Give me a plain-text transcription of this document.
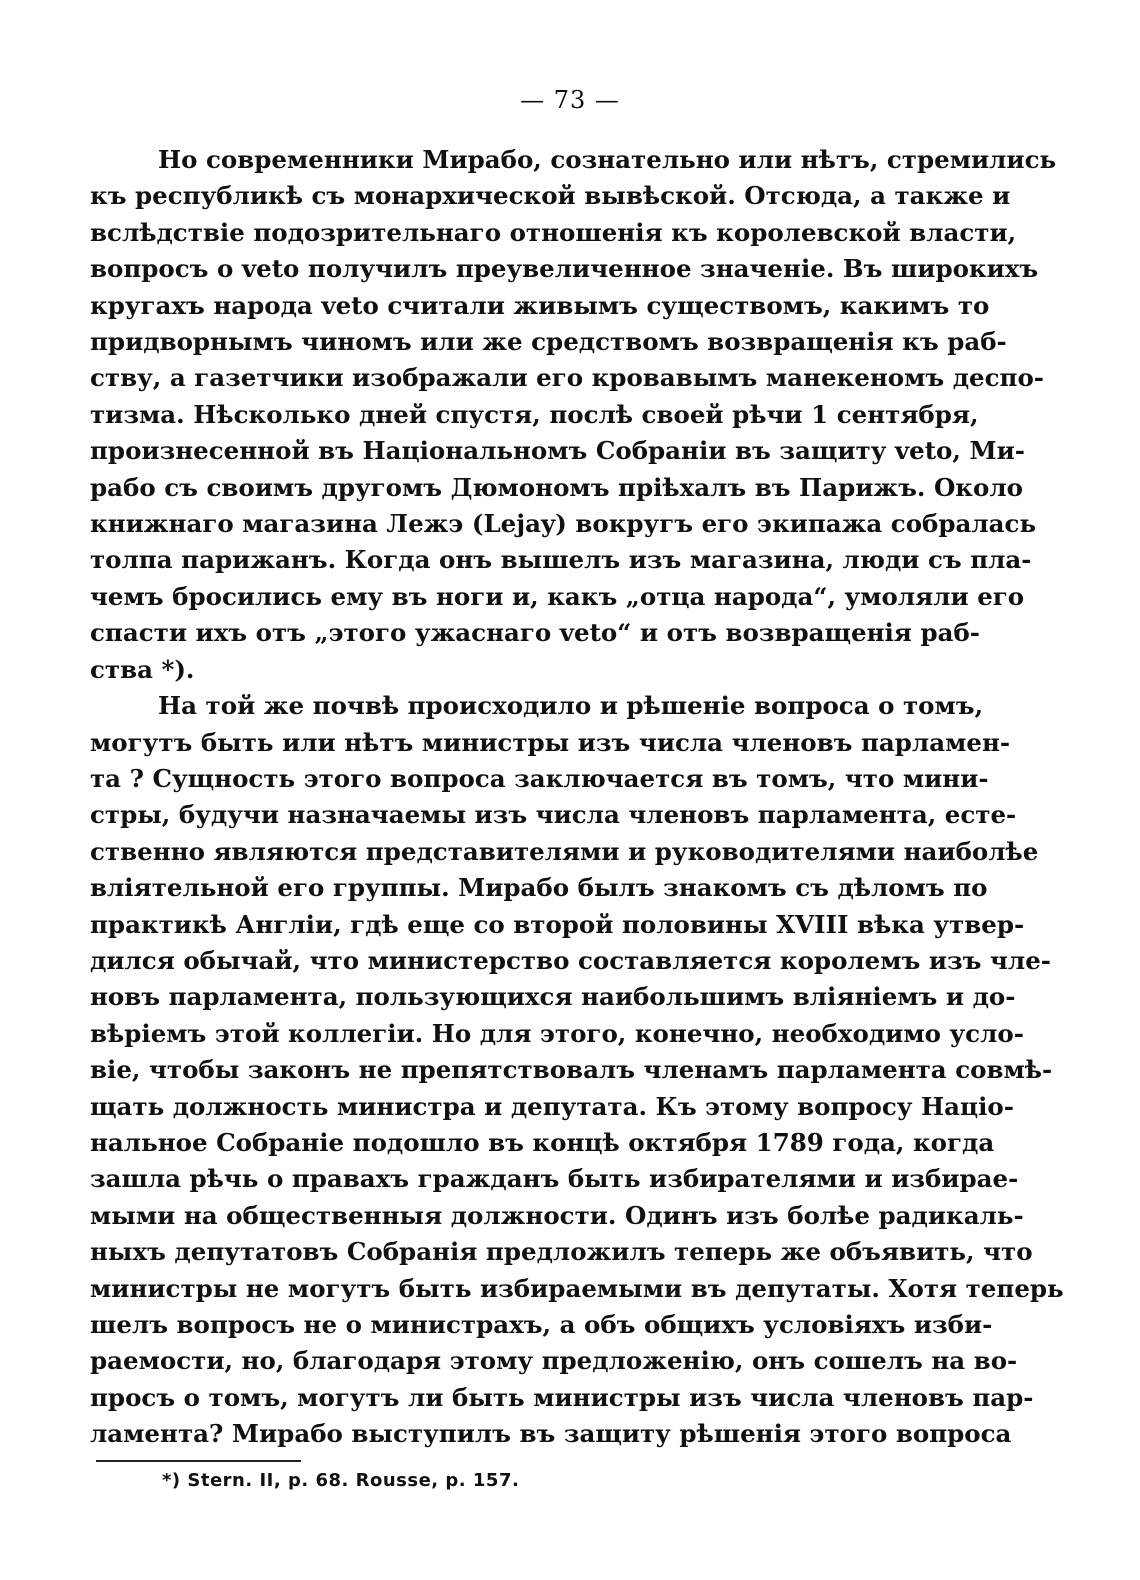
— 73 —
Но современники Мирабо, сознательно или нѣтъ, стремились
къ республикѣ съ монархической вывѣской. Отсюда, а также и
вслѣдствіе подозрительнаго отношенія къ королевской власти,
вопросъ о veto получилъ преувеличенное значеніе. Въ широкихъ
кругахъ народа veto считали живымъ существомъ, какимъ то
придворнымъ чиномъ или же средствомъ возвращенія къ раб-
ству, а газетчики изображали его кровавымъ манекеномъ деспо-
тизма. Нѣсколько дней спустя, послѣ своей рѣчи 1 сентября,
произнесенной въ Національномъ Собраніи въ защиту veto, Ми-
рабо съ своимъ другомъ Дюмономъ пріѣхалъ въ Парижъ. Около
книжнаго магазина Лежэ (Lejay) вокругъ его экипажа собралась
толпа парижанъ. Когда онъ вышелъ изъ магазина, люди съ пла-
чемъ бросились ему въ ноги и, какъ „отца народа“, умоляли его
спасти ихъ отъ „этого ужаснаго veto“ и отъ возвращенія раб-
ства *).
На той же почвѣ происходило и рѣшеніе вопроса о томъ,
могутъ быть или нѣтъ министры изъ числа членовъ парламен-
та ? Сущность этого вопроса заключается въ томъ, что мини-
стры, будучи назначаемы изъ числа членовъ парламента, есте-
ственно являются представителями и руководителями наиболѣе
вліятельной его группы. Мирабо былъ знакомъ съ дѣломъ по
практикѣ Англіи, гдѣ еще со второй половины XVIII вѣка утвер-
дился обычай, что министерство составляется королемъ изъ чле-
новъ парламента, пользующихся наибольшимъ вліяніемъ и до-
вѣріемъ этой коллегіи. Но для этого, конечно, необходимо усло-
віе, чтобы законъ не препятствовалъ членамъ парламента совмѣ-
щать должность министра и депутата. Къ этому вопросу Націо-
нальное Собраніе подошло въ концѣ октября 1789 года, когда
зашла рѣчь о правахъ гражданъ быть избирателями и избирае-
мыми на общественныя должности. Одинъ изъ болѣе радикаль-
ныхъ депутатовъ Собранія предложилъ теперь же объявить, что
министры не могутъ быть избираемыми въ депутаты. Хотя теперь
шелъ вопросъ не о министрахъ, а объ общихъ условіяхъ изби-
раемости, но, благодаря этому предложенію, онъ сошелъ на во-
просъ о томъ, могутъ ли быть министры изъ числа членовъ пар-
ламента? Мирабо выступилъ въ защиту рѣшенія этого вопроса
*) Stern. II, p. 68. Rousse, p. 157.
